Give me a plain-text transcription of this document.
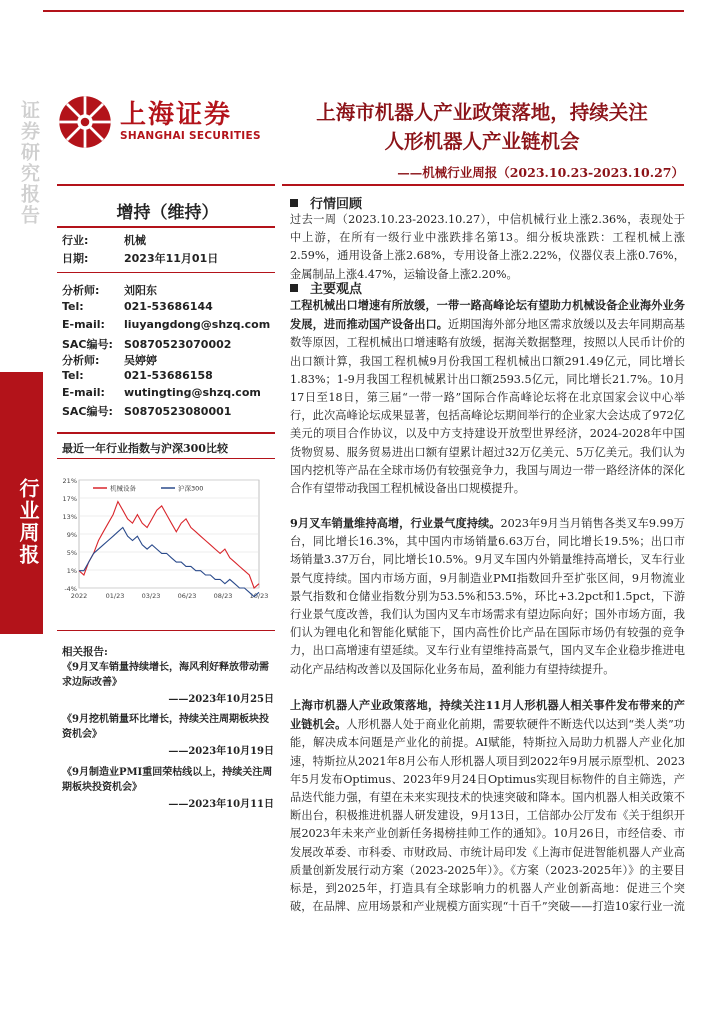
证券研究报告
行业周报
上海证券
SHANGHAI SECURITIES
上海市机器人产业政策落地，持续关注
人形机器人产业链机会
——机械行业周报（2023.10.23-2023.10.27）
增持（维持）
行业:	机械
日期:	2023年11月01日
分析师: 刘阳东
Tel:	021-53686144
E-mail: liuyangdong@shzq.com
SAC编号: S0870523070002
分析师: 吴婷婷
Tel:	021-53686158
E-mail: wutingting@shzq.com
SAC编号: S0870523080001
最近一年行业指数与沪深300比较
21%
17%
13%
9%
5%
1%
-4%
2022	01/23	03/23	06/23	08/23	10/23
机械设备	沪深300
相关报告:
《9月叉车销量持续增长，海风利好释放带动需求边际改善》
——2023年10月25日
《9月挖机销量环比增长，持续关注周期板块投资机会》
——2023年10月19日
《9月制造业PMI重回荣枯线以上，持续关注周期板块投资机会》
——2023年10月11日
行情回顾
过去一周（2023.10.23-2023.10.27），中信机械行业上涨2.36%，表现处于中上游，在所有一级行业中涨跌排名第13。细分板块涨跌：工程机械上涨2.59%，通用设备上涨2.68%，专用设备上涨2.22%，仪器仪表上涨0.76%，金属制品上涨4.47%，运输设备上涨2.20%。
主要观点
工程机械出口增速有所放缓，一带一路高峰论坛有望助力机械设备企业海外业务发展，进而推动国产设备出口。近期国海外部分地区需求放缓以及去年同期高基数等原因，工程机械出口增速略有放缓，据海关数据整理，按照以人民币计价的出口额计算，我国工程机械9月份我国工程机械出口额291.49亿元，同比增长1.83%；1-9月我国工程机械累计出口额2593.5亿元，同比增长21.7%。10月17日至18日，第三届“一带一路”国际合作高峰论坛将在北京国家会议中心举行，此次高峰论坛成果显著，包括高峰论坛期间举行的企业家大会达成了972亿美元的项目合作协议，以及中方支持建设开放型世界经济，2024-2028年中国货物贸易、服务贸易进出口额有望累计超过32万亿美元、5万亿美元。我们认为国内挖机等产品在全球市场仍有较强竞争力，我国与周边一带一路经济体的深化合作有望带动我国工程机械设备出口规模提升。
9月叉车销量维持高增，行业景气度持续。2023年9月当月销售各类叉车9.99万台，同比增长16.3%，其中国内市场销量6.63万台，同比增长19.5%；出口市场销量3.37万台，同比增长10.5%。9月叉车国内外销量维持高增长，叉车行业景气度持续。国内市场方面，9月制造业PMI指数回升至扩张区间，9月物流业景气指数和仓储业指数分别为53.5%和53.5%，环比+3.2pct和1.5pct，下游行业景气度改善，我们认为国内叉车市场需求有望边际向好；国外市场方面，我们认为锂电化和智能化赋能下，国内高性价比产品在国际市场仍有较强的竞争力，出口高增速有望延续。叉车行业有望维持高景气，国内叉车企业稳步推进电动化产品结构改善以及国际化业务布局，盈利能力有望持续提升。
上海市机器人产业政策落地，持续关注11月人形机器人相关事件发布带来的产业链机会。人形机器人处于商业化前期，需要软硬件不断迭代以达到“类人类”功能，解决成本问题是产业化的前提。AI赋能，特斯拉入局助力机器人产业化加速，特斯拉从2021年8月公布人形机器人项目到2022年9月展示原型机、2023年5月发布Optimus、2023年9月24日Optimus实现目标物件的自主筛选，产品迭代能力强，有望在未来实现技术的快速突破和降本。国内机器人相关政策不断出台，积极推进机器人研发建设，9月13日，工信部办公厅发布《关于组织开展2023年未来产业创新任务揭榜挂帅工作的通知》。10月26日，市经信委、市发展改革委、市科委、市财政局、市统计局印发《上海市促进智能机器人产业高质量创新发展行动方案（2023-2025年）》。《方案（2023-2025年）》的主要目标是，到2025年，打造具有全球影响力的机器人产业创新高地：促进三个突破，在品牌、应用场景和产业规模方面实现“十百千”突破——打造10家行业一流
